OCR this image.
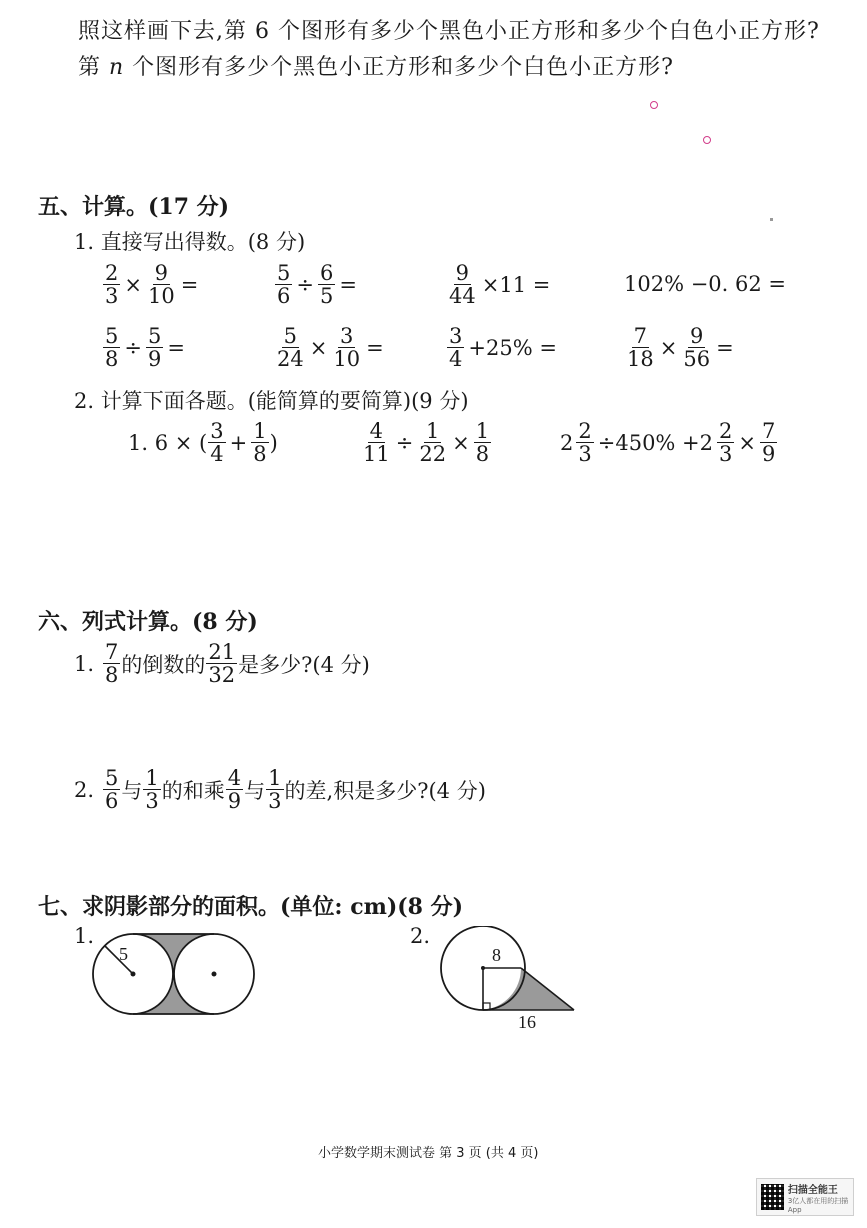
照这样画下去,第 6 个图形有多少个黑色小正方形和多少个白色小正方形?
第 n 个图形有多少个黑色小正方形和多少个白色小正方形?
五、计算。(17 分)
1. 直接写出得数。(8 分)
$\frac{2}{3} \times \frac{9}{10}$ =	$\frac{5}{6} \div \frac{6}{5}$ =	$\frac{9}{44} \times 11$ =	102% −0. 62 =
$\frac{5}{8} \div \frac{5}{9}$ =	$\frac{5}{24} \times \frac{3}{10}$ =	$\frac{3}{4} +25\%$ =	$\frac{7}{18} \times \frac{9}{56}$ =
2. 计算下面各题。(能简算的要简算)(9 分)
1. 6 × ( $\frac{3}{4} + \frac{1}{8}$ )	$\frac{4}{11} \div \frac{1}{22} \times \frac{1}{8}$	$2 \frac{2}{3} \div 450\% +2 \frac{2}{3} \times \frac{7}{9}$
六、列式计算。(8 分)
1. $\frac{7}{8}$ 的倒数的 $\frac{21}{32}$ 是多少?(4 分)
2. $\frac{5}{6}$ 与 $\frac{1}{3}$ 的和乘 $\frac{4}{9}$ 与 $\frac{1}{3}$ 的差,积是多少?(4 分)
七、求阴影部分的面积。(单位: cm)(8 分)
1.
5
2.
8
16
小学数学期末测试卷 第 3 页 (共 4 页)
扫描全能王
3亿人都在用的扫描App
